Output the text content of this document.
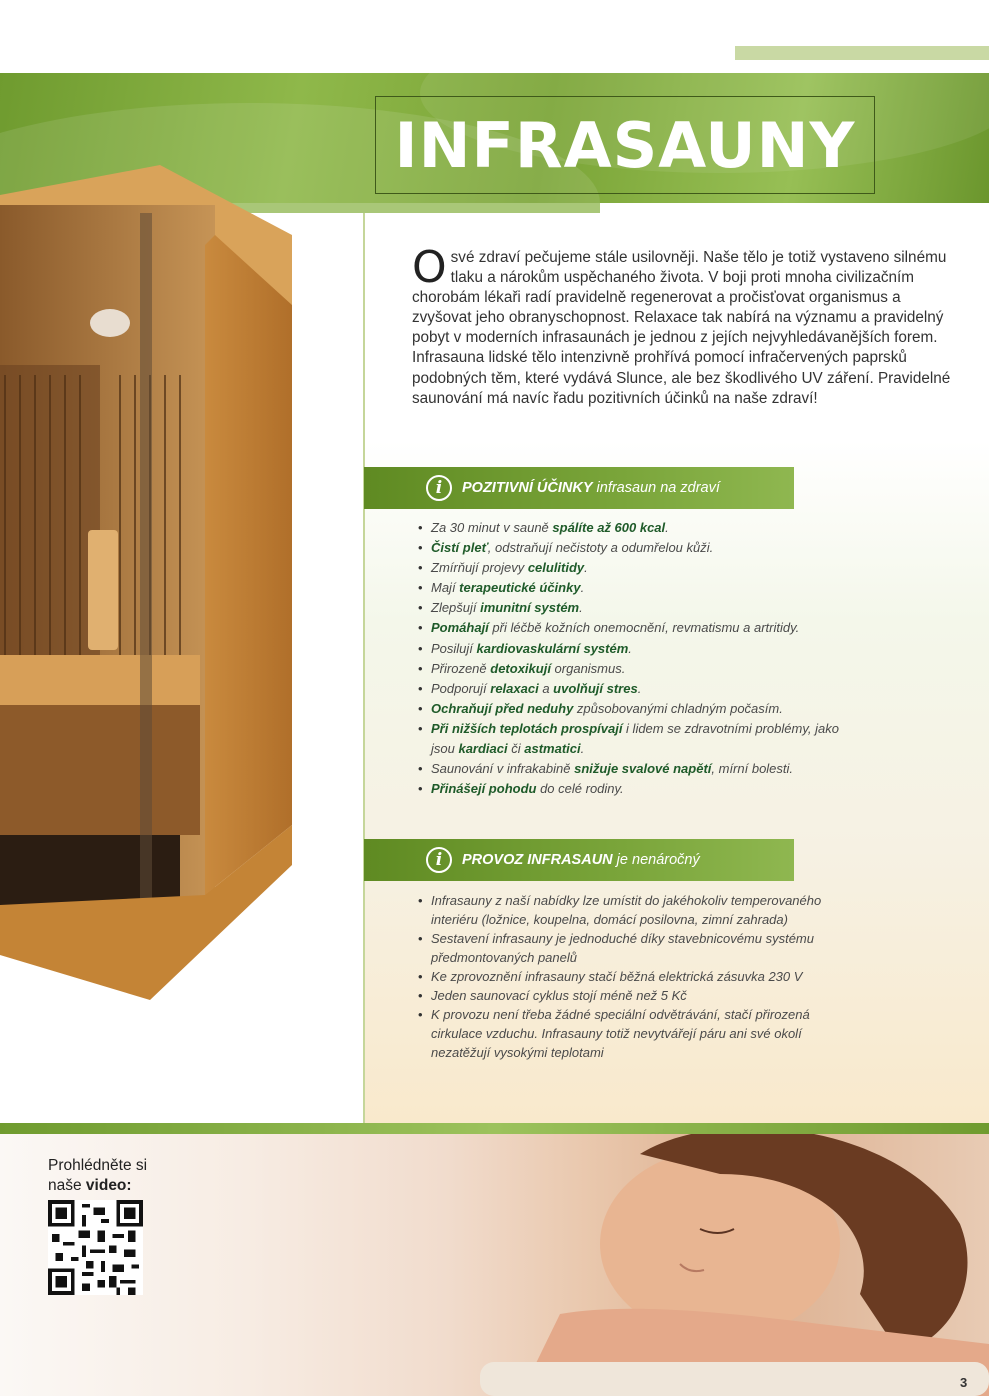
INFRASAUNY
O své zdraví pečujeme stále usilovněji. Naše tělo je totiž vystaveno silnému tlaku a nárokům uspěchaného života. V boji proti mnoha civilizačním chorobám lékaři radí pravidelně regenerovat a pročisťovat organismus a zvyšovat jeho obranyschopnost. Relaxace tak nabírá na významu a pravidelný pobyt v moderních infrasaunách je jednou z jejích nejvyhledávanějších forem. Infrasauna lidské tělo intenzivně prohřívá pomocí infračervených paprsků podobných těm, které vydává Slunce, ale bez škodlivého UV záření. Pravidelné saunování má navíc řadu pozitivních účinků na naše zdraví!
i	POZITIVNÍ ÚČINKY infrasaun na zdraví
• Za 30 minut v sauně spálíte až 600 kcal.
• Čistí pleť, odstraňují nečistoty a odumřelou kůži.
• Zmírňují projevy celulitidy.
• Mají terapeutické účinky.
• Zlepšují imunitní systém.
• Pomáhají při léčbě kožních onemocnění, revmatismu a artritidy.
• Posilují kardiovaskulární systém.
• Přirozeně detoxikují organismus.
• Podporují relaxaci a uvolňují stres.
• Ochraňují před neduhy způsobovanými chladným počasím.
• Při nižších teplotách prospívají i lidem se zdravotními problémy, jako jsou kardiaci či astmatici.
• Saunování v infrakabině snižuje svalové napětí, mírní bolesti.
• Přinášejí pohodu do celé rodiny.
i	PROVOZ INFRASAUN je nenáročný
• Infrasauny z naší nabídky lze umístit do jakéhokoliv temperovaného interiéru (ložnice, koupelna, domácí posilovna, zimní zahrada)
• Sestavení infrasauny je jednoduché díky stavebnicovému systému předmontovaných panelů
• Ke zprovoznění infrasauny stačí běžná elektrická zásuvka 230 V
• Jeden saunovací cyklus stojí méně než 5 Kč
• K provozu není třeba žádné speciální odvětrávání, stačí přirozená cirkulace vzduchu. Infrasauny totiž nevytvářejí páru ani své okolí nezatěžují vysokými teplotami
Prohlédněte si
naše video:
3
